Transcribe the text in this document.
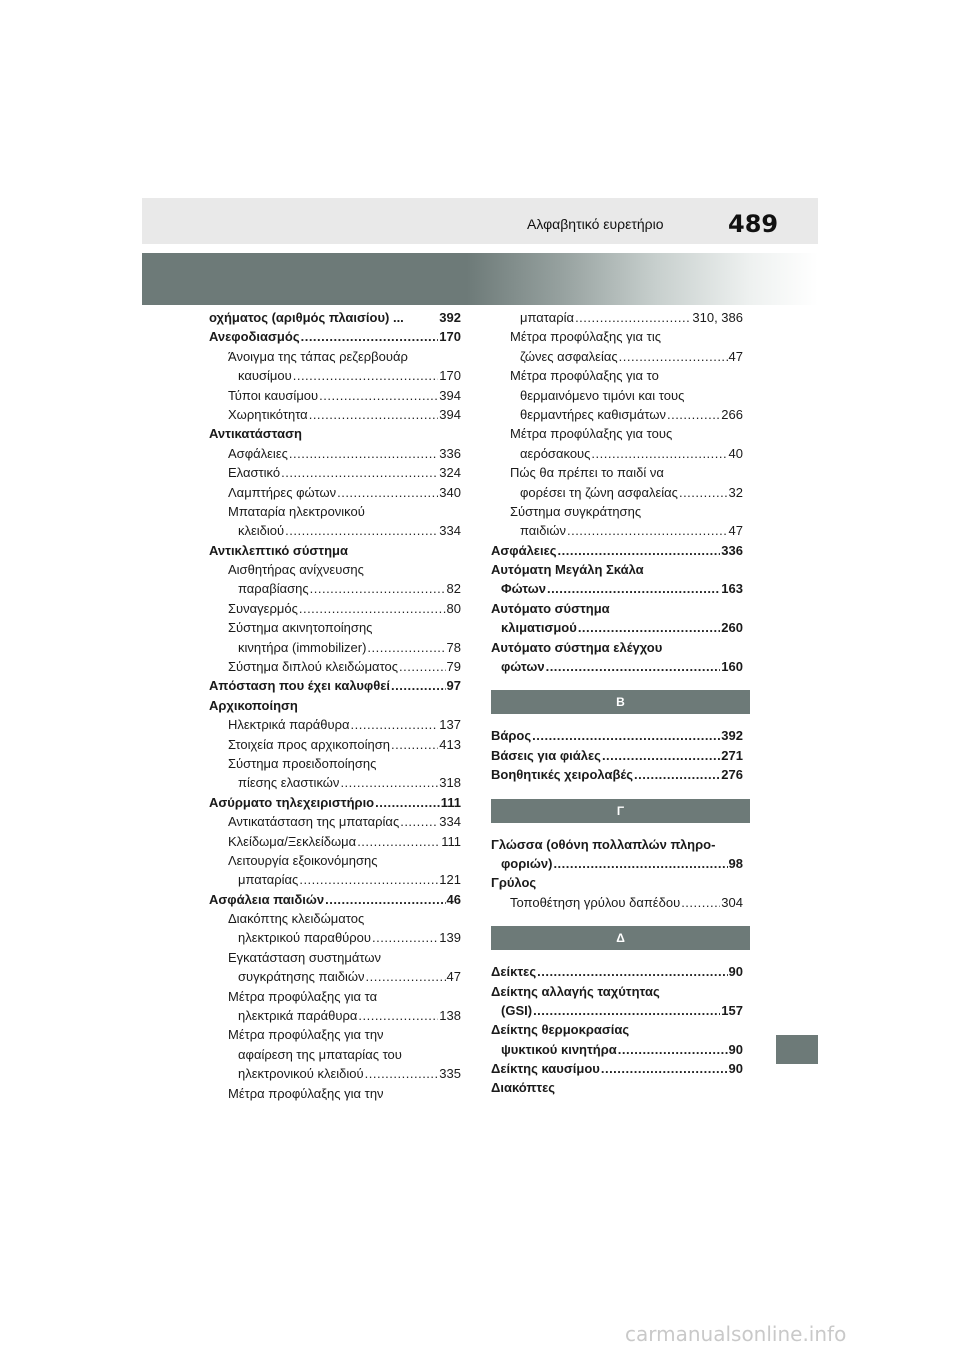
Αλφαβητικό ευρετήριο	489
οχήματος (αριθμός πλαισίου) ...	392
Ανεφοδιασμός .....	170
Άνοιγμα της τάπας ρεζερβουάρ
καυσίμου .....	170
Τύποι καυσίμου .....	394
Χωρητικότητα .....	394
Αντικατάσταση
Ασφάλειες .....	336
Ελαστικό .....	324
Λαμπτήρες φώτων .....	340
Μπαταρία ηλεκτρονικού
κλειδιού .....	334
Αντικλεπτικό σύστημα
Αισθητήρας ανίχνευσης
παραβίασης .....	82
Συναγερμός .....	80
Σύστημα ακινητοποίησης
κινητήρα (immobilizer) .....	78
Σύστημα διπλού κλειδώματος .....	79
Απόσταση που έχει καλυφθεί .....	97
Αρχικοποίηση
Ηλεκτρικά παράθυρα .....	137
Στοιχεία προς αρχικοποίηση .....	413
Σύστημα προειδοποίησης
πίεσης ελαστικών .....	318
Ασύρματο τηλεχειριστήριο .....	111
Αντικατάσταση της μπαταρίας .....	334
Κλείδωμα/Ξεκλείδωμα .....	111
Λειτουργία εξοικονόμησης
μπαταρίας .....	121
Ασφάλεια παιδιών .....	46
Διακόπτης κλειδώματος
ηλεκτρικού παραθύρου .....	139
Εγκατάσταση συστημάτων
συγκράτησης παιδιών .....	47
Μέτρα προφύλαξης για τα
ηλεκτρικά παράθυρα .....	138
Μέτρα προφύλαξης για την
αφαίρεση της μπαταρίας του
ηλεκτρονικού κλειδιού .....	335
Μέτρα προφύλαξης για την
μπαταρία .....	310, 386
Μέτρα προφύλαξης για τις
ζώνες ασφαλείας .....	47
Μέτρα προφύλαξης για το
θερμαινόμενο τιμόνι και τους
θερμαντήρες καθισμάτων .....	266
Μέτρα προφύλαξης για τους
αερόσακους .....	40
Πώς θα πρέπει το παιδί να
φορέσει τη ζώνη ασφαλείας .....	32
Σύστημα συγκράτησης
παιδιών .....	47
Ασφάλειες .....	336
Αυτόματη Μεγάλη Σκάλα
Φώτων .....	163
Αυτόματο σύστημα
κλιματισμού .....	260
Αυτόματο σύστημα ελέγχου
φώτων .....	160
Β
Βάρος .....	392
Βάσεις για φιάλες .....	271
Βοηθητικές χειρολαβές .....	276
Γ
Γλώσσα (οθόνη πολλαπλών πληρο-
φοριών) .....	98
Γρύλος
Τοποθέτηση γρύλου δαπέδου .....	304
Δ
Δείκτες .....	90
Δείκτης αλλαγής ταχύτητας
(GSI) .....	157
Δείκτης θερμοκρασίας
ψυκτικού κινητήρα .....	90
Δείκτης καυσίμου .....	90
Διακόπτες
carmanualsonline.info
